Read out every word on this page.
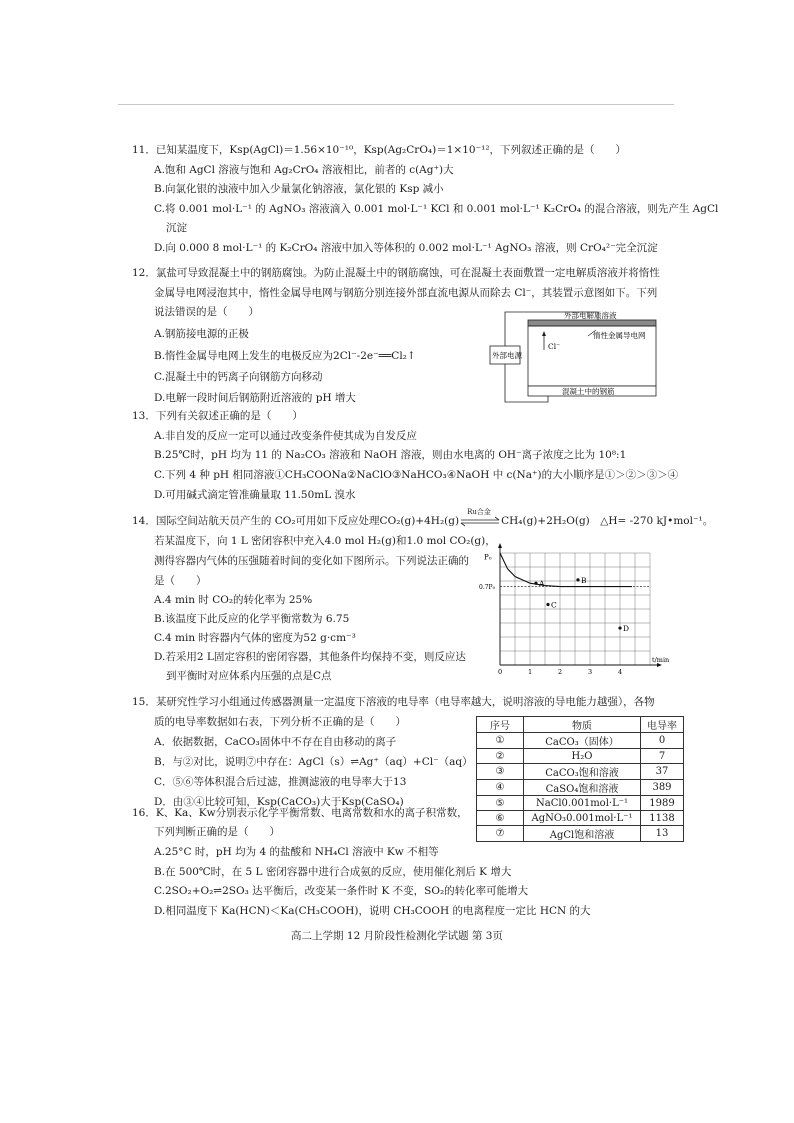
11．已知某温度下，Ksp(AgCl)＝1.56×10⁻¹⁰，Ksp(Ag₂CrO₄)＝1×10⁻¹²，下列叙述正确的是（　　）
A.饱和 AgCl 溶液与饱和 Ag₂CrO₄ 溶液相比，前者的 c(Ag⁺)大
B.向氯化银的浊液中加入少量氯化钠溶液，氯化银的 Ksp 减小
C.将 0.001 mol·L⁻¹ 的 AgNO₃ 溶液滴入 0.001 mol·L⁻¹ KCl 和 0.001 mol·L⁻¹ K₂CrO₄ 的混合溶液，则先产生 AgCl
沉淀
D.向 0.000 8 mol·L⁻¹ 的 K₂CrO₄ 溶液中加入等体积的 0.002 mol·L⁻¹ AgNO₃ 溶液，则 CrO₄²⁻完全沉淀
12．氯盐可导致混凝土中的钢筋腐蚀。为防止混凝土中的钢筋腐蚀，可在混凝土表面敷置一定电解质溶液并将惰性
金属导电网浸泡其中，惰性金属导电网与钢筋分别连接外部直流电源从而除去 Cl⁻，其装置示意图如下。下列
说法错误的是（　　）
A.钢筋接电源的正极
B.惰性金属导电网上发生的电极反应为2Cl⁻-2e⁻══Cl₂↑
C.混凝土中的钙离子向钢筋方向移动
D.电解一段时间后钢筋附近溶液的 pH 增大
外部电解质溶液
惰性金属导电网
Cl⁻
外部电源
混凝土中的钢筋
13．下列有关叙述正确的是（　　）
A.非自发的反应一定可以通过改变条件使其成为自发反应
B.25℃时，pH 均为 11 的 Na₂CO₃ 溶液和 NaOH 溶液，则由水电离的 OH⁻离子浓度之比为 10⁸:1
C.下列 4 种 pH 相同溶液①CH₃COONa②NaClO③NaHCO₃④NaOH 中 c(Na⁺)的大小顺序是①＞②＞③＞④
D.可用碱式滴定管准确量取 11.50mL 溴水
14．国际空间站航天员产生的 CO₂可用如下反应处理CO₂(g)+4H₂(g)
Ru合金
CH₄(g)+2H₂O(g)　△H= -270 kJ•mol⁻¹。
若某温度下，向 1 L 密闭容积中充入4.0 mol H₂(g)和1.0 mol CO₂(g)，
测得容器内气体的压强随着时间的变化如下图所示。下列说法正确的
是（　　）
A.4 min 时 CO₂的转化率为 25%
B.该温度下此反应的化学平衡常数为 6.75
C.4 min 时容器内气体的密度为52 g·cm⁻³
D.若采用2 L固定容积的密闭容器，其他条件均保持不变，则反应达
到平衡时对应体系内压强的点是C点
P₀
0.7P₀
t/min
0	1	2	3	4
A	B
C
D
15．某研究性学习小组通过传感器测量一定温度下溶液的电导率（电导率越大，说明溶液的导电能力越强），各物
质的电导率数据如右表，下列分析不正确的是（　　）
A．依据数据，CaCO₃固体中不存在自由移动的离子
B．与②对比，说明⑦中存在：AgCl（s）⇌Ag⁺（aq）+Cl⁻（aq）
C．⑤⑥等体积混合后过滤，推测滤液的电导率大于13
D．由③④比较可知，Ksp(CaCO₃)大于Ksp(CaSO₄)
序号	物质	电导率
①	CaCO₃（固体）	0
②	H₂O	7
③	CaCO₃饱和溶液	37
④	CaSO₄饱和溶液	389
⑤	NaCl0.001mol·L⁻¹	1989
⑥	AgNO₃0.001mol·L⁻¹	1138
⑦	AgCl饱和溶液	13
16．K、Ka、Kw分别表示化学平衡常数、电离常数和水的离子积常数，
下列判断正确的是（　　）
A.25°C 时，pH 均为 4 的盐酸和 NH₄Cl 溶液中 Kw 不相等
B.在 500℃时，在 5 L 密闭容器中进行合成氨的反应，使用催化剂后 K 增大
C.2SO₂+O₂⇌2SO₃ 达平衡后，改变某一条件时 K 不变，SO₂的转化率可能增大
D.相同温度下 Ka(HCN)＜Ka(CH₃COOH)，说明 CH₃COOH 的电离程度一定比 HCN 的大
高二上学期 12 月阶段性检测化学试题 第 3页
